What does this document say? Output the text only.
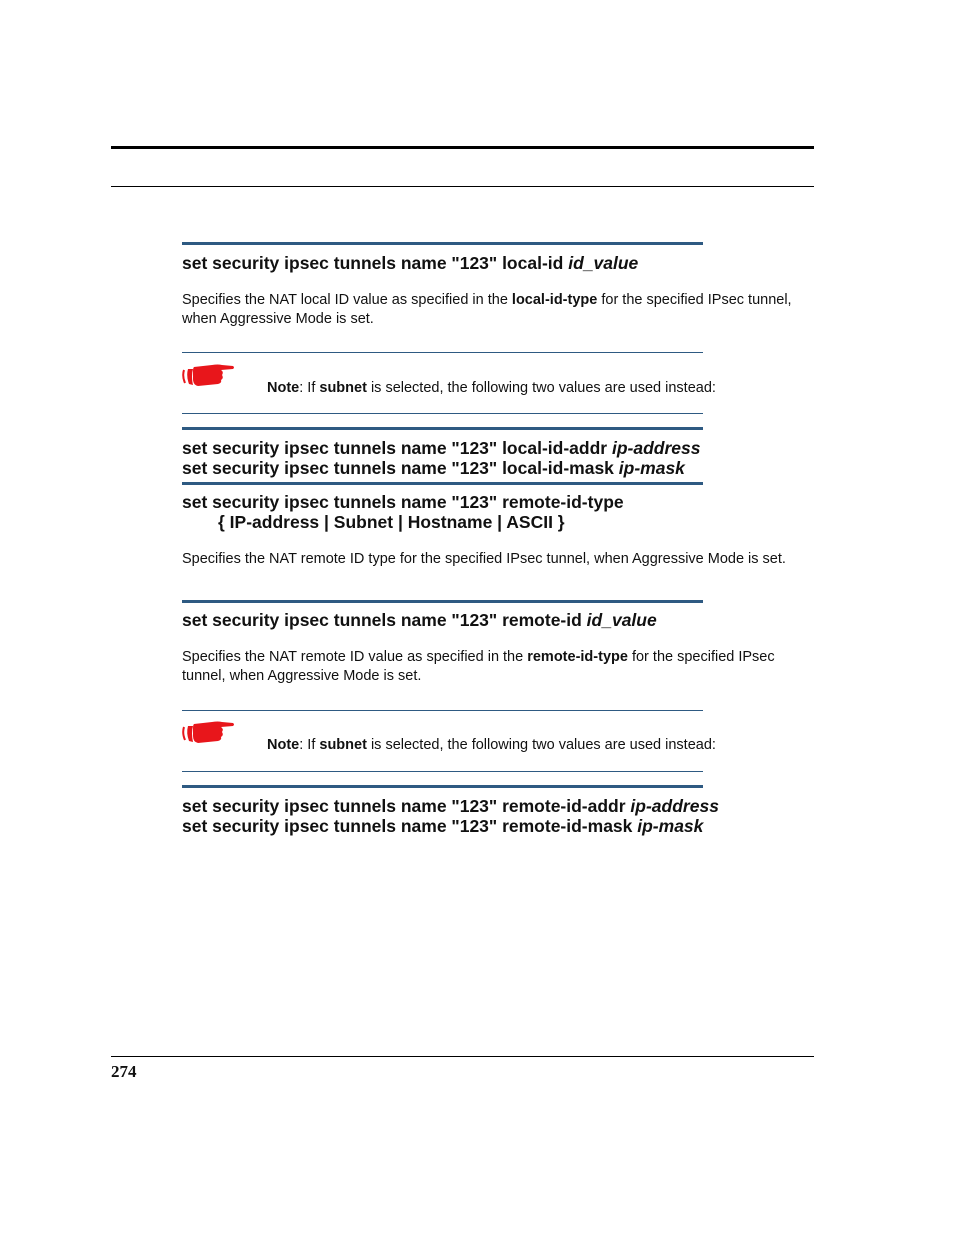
set security ipsec tunnels name "123" local-id id_value

Specifies the NAT local ID value as specified in the local-id-type for the specified IPsec tunnel, when Aggressive Mode is set.

Note: If subnet is selected, the following two values are used instead:

set security ipsec tunnels name "123" local-id-addr ip-address
set security ipsec tunnels name "123" local-id-mask ip-mask
set security ipsec tunnels name "123" remote-id-type
{ IP-address | Subnet | Hostname | ASCII }

Specifies the NAT remote ID type for the specified IPsec tunnel, when Aggressive Mode is set.

set security ipsec tunnels name "123" remote-id id_value

Specifies the NAT remote ID value as specified in the remote-id-type for the specified IPsec tunnel, when Aggressive Mode is set.

Note: If subnet is selected, the following two values are used instead:

set security ipsec tunnels name "123" remote-id-addr ip-address
set security ipsec tunnels name "123" remote-id-mask ip-mask
274
